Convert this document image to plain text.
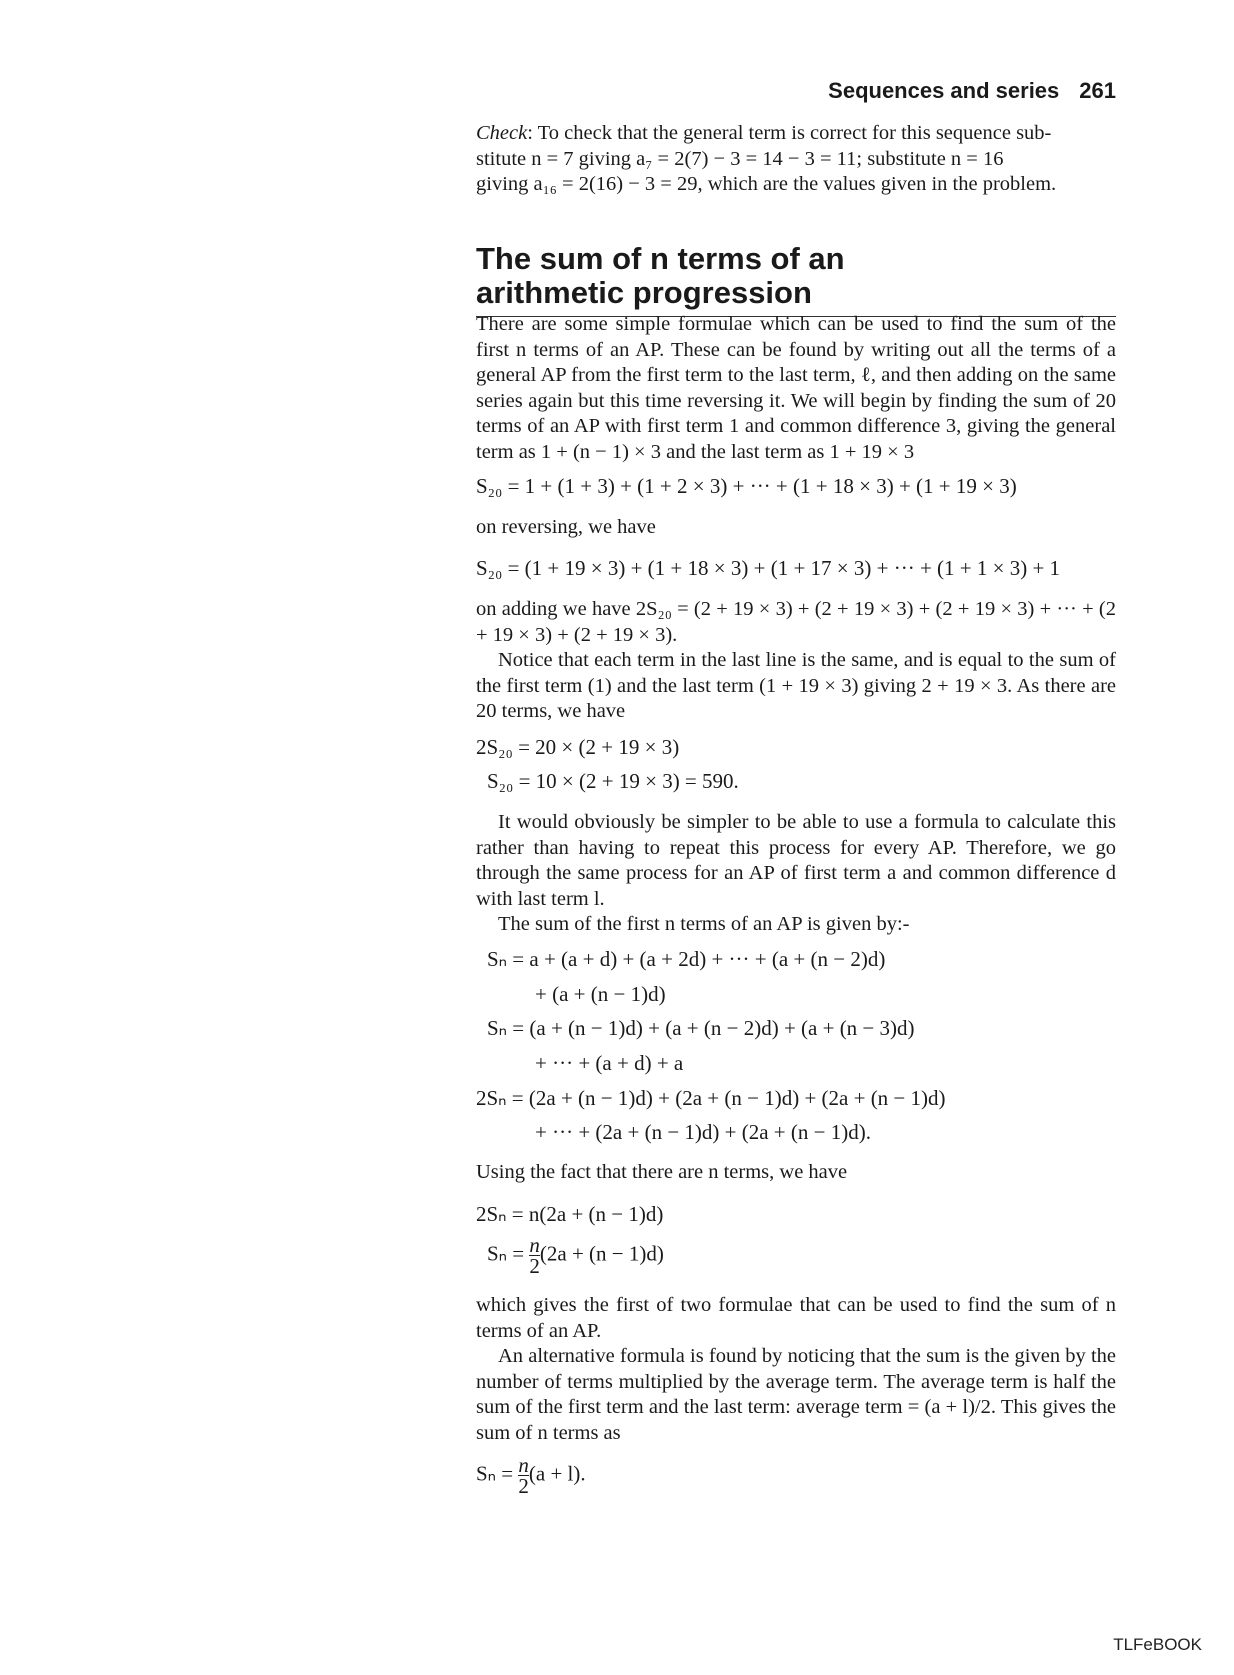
Sequences and series 261
Check: To check that the general term is correct for this sequence sub-
stitute n = 7 giving a₇ = 2(7) − 3 = 14 − 3 = 11; substitute n = 16
giving a₁₆ = 2(16) − 3 = 29, which are the values given in the problem.
The sum of n terms of an
arithmetic progression

There are some simple formulae which can be used to find the sum of the first n terms of an AP. These can be found by writing out all the terms of a general AP from the first term to the last term, ℓ, and then adding on the same series again but this time reversing it. We will begin by finding the sum of 20 terms of an AP with first term 1 and common difference 3, giving the general term as 1 + (n − 1) × 3 and the last term as 1 + 19 × 3

S₂₀ = 1 + (1 + 3) + (1 + 2 × 3) + ··· + (1 + 18 × 3) + (1 + 19 × 3)

on reversing, we have

S₂₀ = (1 + 19 × 3) + (1 + 18 × 3) + (1 + 17 × 3) + ··· + (1 + 1 × 3) + 1

on adding we have 2S₂₀ = (2 + 19 × 3) + (2 + 19 × 3) + (2 + 19 × 3) + ··· + (2 + 19 × 3) + (2 + 19 × 3).

Notice that each term in the last line is the same, and is equal to the sum of the first term (1) and the last term (1 + 19 × 3) giving 2 + 19 × 3. As there are 20 terms, we have

2S₂₀ = 20 × (2 + 19 × 3)
S₂₀ = 10 × (2 + 19 × 3) = 590.

It would obviously be simpler to be able to use a formula to calculate this rather than having to repeat this process for every AP. Therefore, we go through the same process for an AP of first term a and common difference d with last term l.

The sum of the first n terms of an AP is given by:-

Sₙ = a + (a + d) + (a + 2d) + ··· + (a + (n − 2)d)
+ (a + (n − 1)d)
Sₙ = (a + (n − 1)d) + (a + (n − 2)d) + (a + (n − 3)d)
+ ··· + (a + d) + a
2Sₙ = (2a + (n − 1)d) + (2a + (n − 1)d) + (2a + (n − 1)d)
+ ··· + (2a + (n − 1)d) + (2a + (n − 1)d).

Using the fact that there are n terms, we have

2Sₙ = n(2a + (n − 1)d)
$S_n = \frac{n}{2} (2a + (n - 1)d)$

which gives the first of two formulae that can be used to find the sum of n terms of an AP.

An alternative formula is found by noticing that the sum is the given by the number of terms multiplied by the average term. The average term is half the sum of the first term and the last term: average term = (a + l)/2. This gives the sum of n terms as

$S_n = \frac{n}{2} (a + l)$.
TLFeBOOK
